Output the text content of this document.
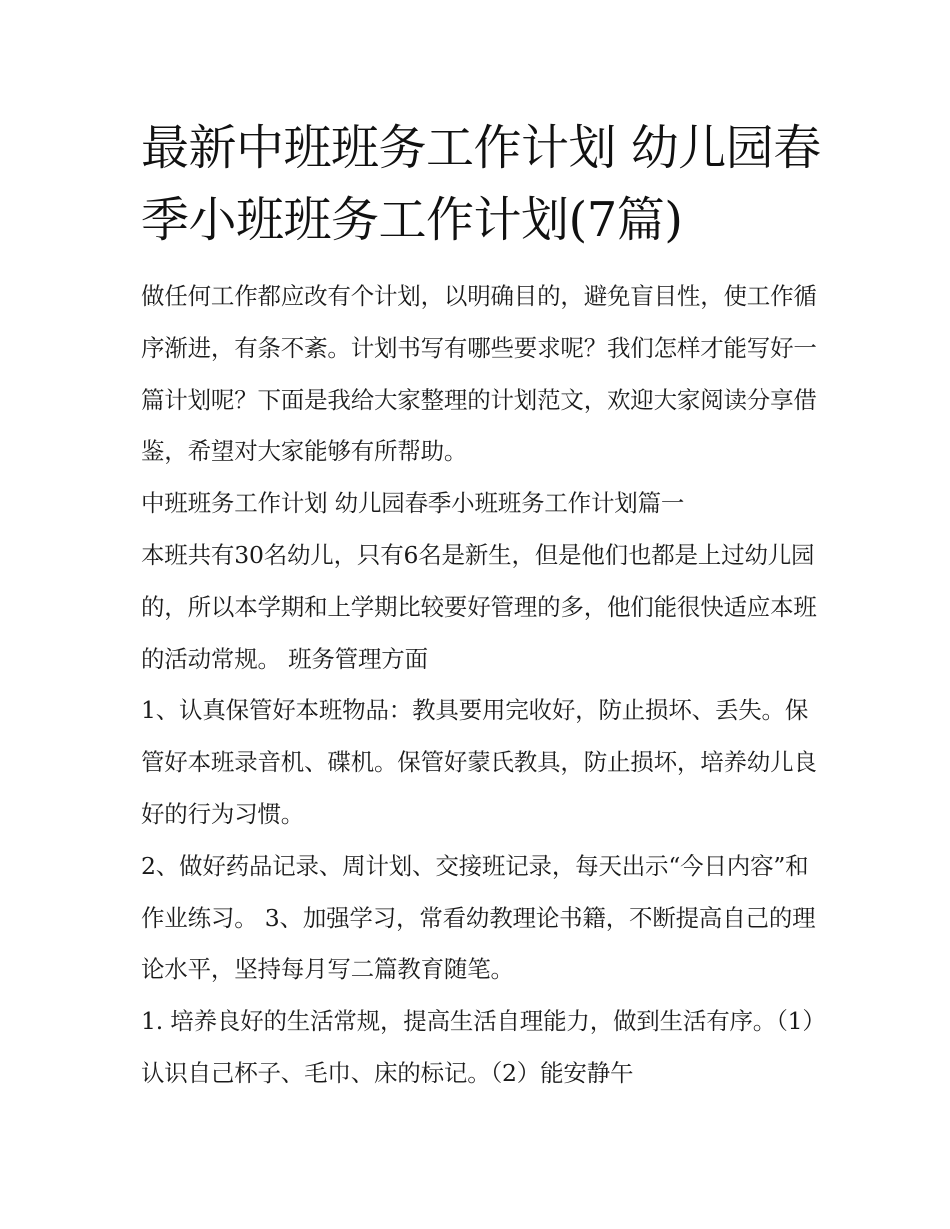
最新中班班务工作计划 幼儿园春季小班班务工作计划(7篇)

做任何工作都应改有个计划，以明确目的，避免盲目性，使工作循序渐进，有条不紊。计划书写有哪些要求呢？我们怎样才能写好一篇计划呢？下面是我给大家整理的计划范文，欢迎大家阅读分享借鉴，希望对大家能够有所帮助。

中班班务工作计划 幼儿园春季小班班务工作计划篇一

本班共有30名幼儿，只有6名是新生，但是他们也都是上过幼儿园的，所以本学期和上学期比较要好管理的多，他们能很快适应本班的活动常规。 班务管理方面

1、认真保管好本班物品：教具要用完收好，防止损坏、丢失。保管好本班录音机、碟机。保管好蒙氏教具，防止损坏，培养幼儿良好的行为习惯。

2、做好药品记录、周计划、交接班记录，每天出示“今日内容”和作业练习。 3、加强学习，常看幼教理论书籍，不断提高自己的理论水平，坚持每月写二篇教育随笔。

1. 培养良好的生活常规，提高生活自理能力，做到生活有序。（1）认识自己杯子、毛巾、床的标记。（2）能安静午
